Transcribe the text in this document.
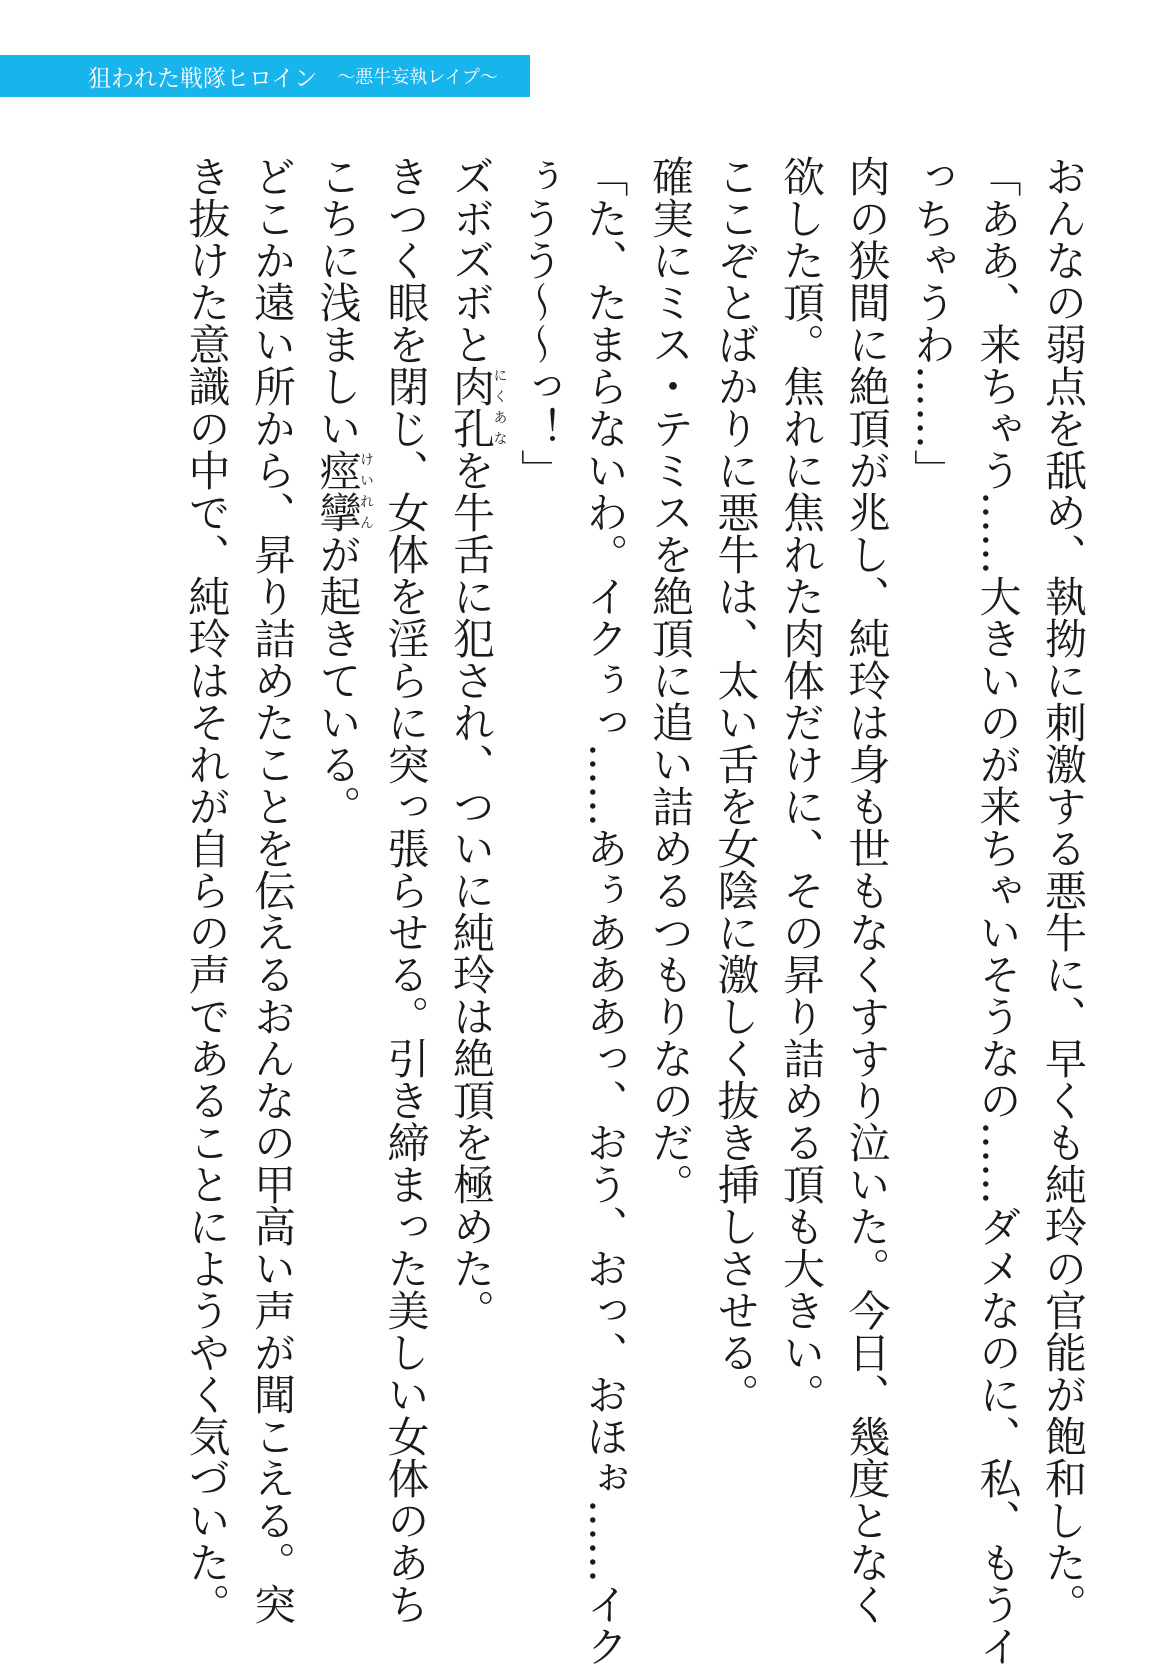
狙われた戦隊ヒロイン 〜悪牛妄執レイプ〜
おんなの弱点を舐め、執拗に刺激する悪牛に、早くも純玲の官能が飽和した。
「ああ、来ちゃう……大きいのが来ちゃいそうなの……ダメなのに、私、もうイ
っちゃうわ……」
肉の狭間に絶頂が兆し、純玲は身も世もなくすすり泣いた。今日、幾度となく
欲した頂。焦れに焦れた肉体だけに、その昇り詰める頂も大きい。
ここぞとばかりに悪牛は、太い舌を女陰に激しく抜き挿しさせる。
確実にミス・テミスを絶頂に追い詰めるつもりなのだ。
「た、たまらないわ。イクぅっ……あぅあああっ、おう、おっ、おほぉ……イク
ぅうう〜〜っ！」
ズボズボと肉孔にくあなを牛舌に犯され、ついに純玲は絶頂を極めた。
きつく眼を閉じ、女体を淫らに突っ張らせる。引き締まった美しい女体のあち
こちに浅ましい痙攣けいれんが起きている。
どこか遠い所から、昇り詰めたことを伝えるおんなの甲高い声が聞こえる。突
き抜けた意識の中で、純玲はそれが自らの声であることにようやく気づいた。
